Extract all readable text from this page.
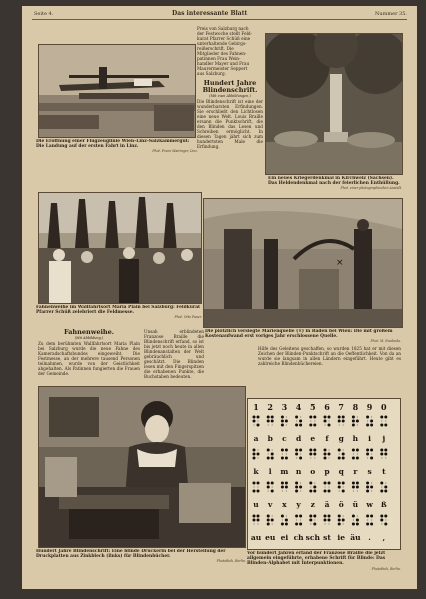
Seite 4.	Das interessante Blatt	Nummer 35.
Die Eröffnung einer Flugzeuglinie Wien–Linz–Salzkammergut: Die Landung auf der ersten Fahrt in Linz.
Phot. Franz Mairinger, Linz.
Preis von Salzburg nach
der Festwoche stellt Feld-
kurat Pfarrer Schüß eine
unterhaltende Gebirgs-
reißerschrift. Die
Mitglieder des Fahnen-
patinnen Frau Wein-
handler Mayer und Frau
Maurermeister Seppert
aus Salzburg.
Hundert Jahre Blindenschrift.
(Mit zwei Abbildungen.)
Die Blindenschrift ist eine der wunderbarsten Erfindungen. Sie erschließt den Lichtlosen eine neue Welt. Louis Braille ersann die Punktschrift, die den Blinden das Lesen und Schreiben ermöglicht. In diesen Tagen jährt sich zum hundertsten Male die Erfindung.
Ein neues Kriegerdenkmal in Kirchweiz (Sachsen). Das Heldendenkmal nach der feierlichen Enthüllung.
Phot. einer photographischen Anstalt.
Fahnenweihe im Wallfahrtsort Maria Plain bei Salzburg: Feldkurat Pfarrer Schüß zelebriert die Feldmesse.
Phot. Otto Pauer.
×
Fahnenweihe.
(Mit Abbildung.)
Zu dem berühmten Wallfahrtsort Maria Plain bei Salzburg wurde die neue Fahne des Kameradschaftsbundes eingeweiht. Die Festmesse, an der mehrere tausend Personen teilnahmen, wurde von der Geistlichkeit abgehalten. Als Patinnen fungierten die Frauen der Gemeinde.
Unsah erblindeten Franzose Braille die Blindenschrift erfand, so ist bis jetzt noch heute in allen Blindenanstalten der Welt gebräuchlich und geschätzt. Die Blinden lesen mit den Fingerspitzen die erhabenen Punkte, die Buchstaben bedeuten.
Die plötzlich versiegte Marienquelle (×) in Baden bei Wien: Die mit großem Kostenaufwand erst voriges Jahr erschlossene Quelle.
Phot. M. Swoboda.
Hilfe des Geleitens geschaffen, so wurden 1825 hat er mit diesen Zeichen der Blinden-Punktschrift an die Oeffentlichkeit. Von da an wurde sie langsam in allen Ländern eingeführt. Heute gibt es zahlreiche Blindenbüchereien.
Hundert Jahre Blindenschrift: Eine blinde Druckerin bei der Herstellung der Druckplatten aus Zinkblech (links) für Blindenbücher.
Photothek, Berlin.
1 2 3 4 5 6 7 8 9 0
a b c d e f g h i j
k l m n o p q r s t
u v x y z ä ö ü w ß
au eu ei ch sch st ie äu . ,
Vor hundert Jahren erfand der Franzose Braille die jetzt allgemein eingeführte, erhabene Schrift für Blinde: Das Blinden-Alphabet mit Interpunktionen.
Photothek, Berlin.
